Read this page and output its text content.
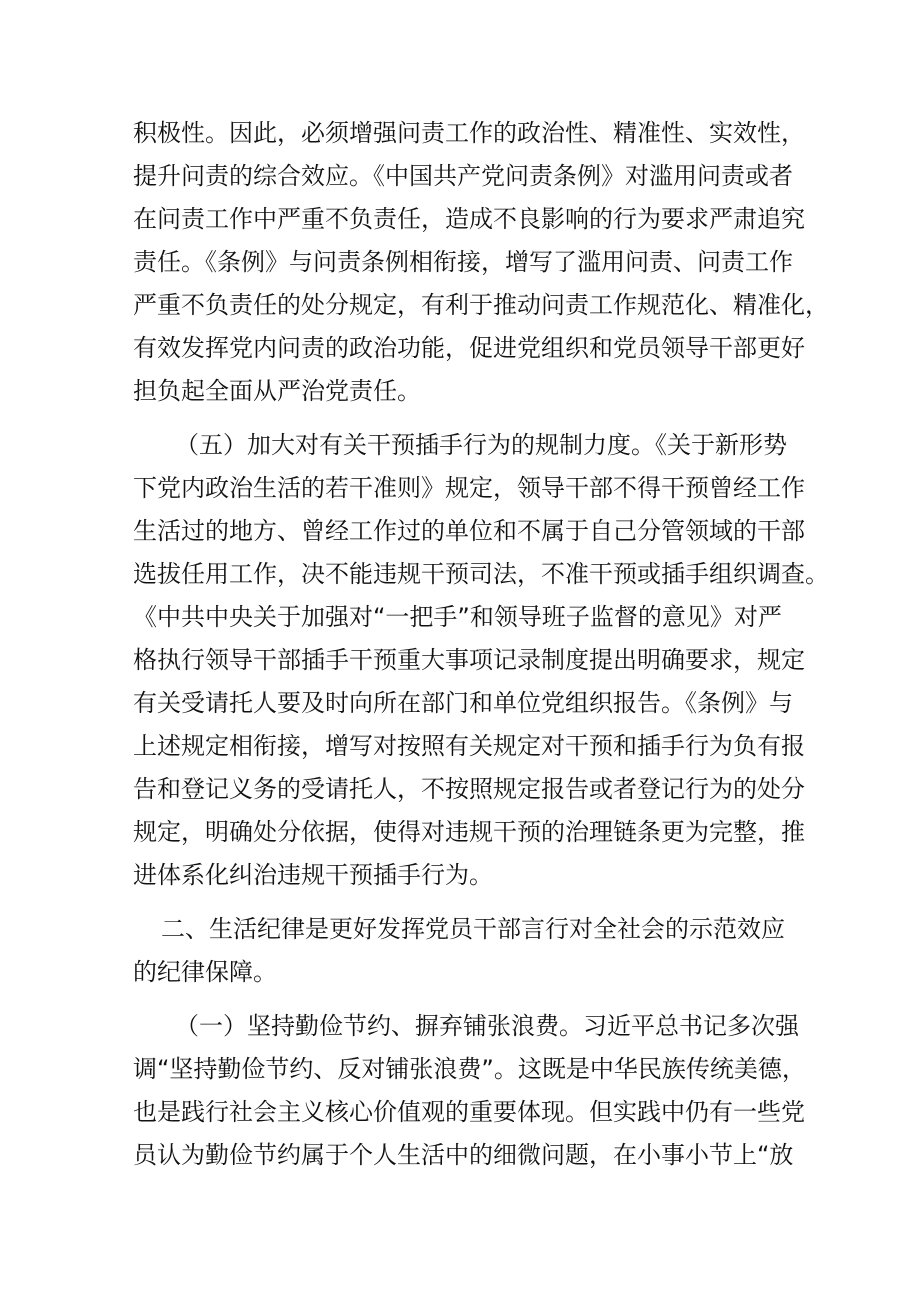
积极性。因此，必须增强问责工作的政治性、精准性、实效性，
提升问责的综合效应。《中国共产党问责条例》对滥用问责或者
在问责工作中严重不负责任，造成不良影响的行为要求严肃追究
责任。《条例》与问责条例相衔接，增写了滥用问责、问责工作
严重不负责任的处分规定，有利于推动问责工作规范化、精准化，
有效发挥党内问责的政治功能，促进党组织和党员领导干部更好
担负起全面从严治党责任。
（五）加大对有关干预插手行为的规制力度。《关于新形势
下党内政治生活的若干准则》规定，领导干部不得干预曾经工作
生活过的地方、曾经工作过的单位和不属于自己分管领域的干部
选拔任用工作，决不能违规干预司法，不准干预或插手组织调查。
《中共中央关于加强对“一把手”和领导班子监督的意见》对严
格执行领导干部插手干预重大事项记录制度提出明确要求，规定
有关受请托人要及时向所在部门和单位党组织报告。《条例》与
上述规定相衔接，增写对按照有关规定对干预和插手行为负有报
告和登记义务的受请托人，不按照规定报告或者登记行为的处分
规定，明确处分依据，使得对违规干预的治理链条更为完整，推
进体系化纠治违规干预插手行为。
二、生活纪律是更好发挥党员干部言行对全社会的示范效应
的纪律保障。
（一）坚持勤俭节约、摒弃铺张浪费。习近平总书记多次强
调“坚持勤俭节约、反对铺张浪费”。这既是中华民族传统美德，
也是践行社会主义核心价值观的重要体现。但实践中仍有一些党
员认为勤俭节约属于个人生活中的细微问题，在小事小节上“放
